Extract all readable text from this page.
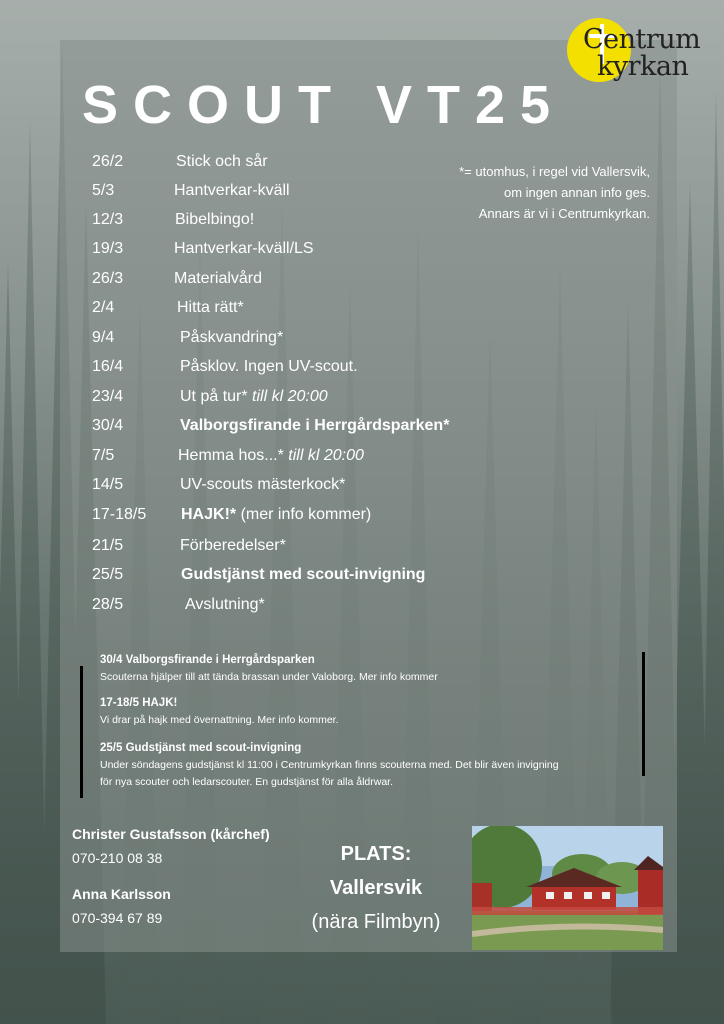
Centrum
kyrkan
SCOUT VT25
*= utomhus, i regel vid Vallersvik,
om ingen annan info ges.
Annars är vi i Centrumkyrkan.
26/2	Stick och sår
5/3	Hantverkar-kväll
12/3	Bibelbingo!
19/3	Hantverkar-kväll/LS
26/3	Materialvård
2/4	Hitta rätt*
9/4	Påskvandring*
16/4	Påsklov. Ingen UV-scout.
23/4	Ut på tur* till kl 20:00
30/4	Valborgsfirande i Herrgårdsparken*
7/5	Hemma hos...* till kl 20:00
14/5	UV-scouts mästerkock*
17-18/5	HAJK!* (mer info kommer)
21/5	Förberedelser*
25/5	Gudstjänst med scout-invigning
28/5	Avslutning*
30/4 Valborgsfirande i Herrgårdsparken
Scouterna hjälper till att tända brassan under Valoborg. Mer info kommer
17-18/5 HAJK!
Vi drar på hajk med övernattning. Mer info kommer.
25/5 Gudstjänst med scout-invigning
Under söndagens gudstjänst kl 11:00 i Centrumkyrkan finns scouterna med. Det blir även invigning
för nya scouter och ledarscouter. En gudstjänst för alla åldrwar.
Christer Gustafsson (kårchef)
070-210 08 38
Anna Karlsson
070-394 67 89
PLATS:
Vallersvik
(nära Filmbyn)
